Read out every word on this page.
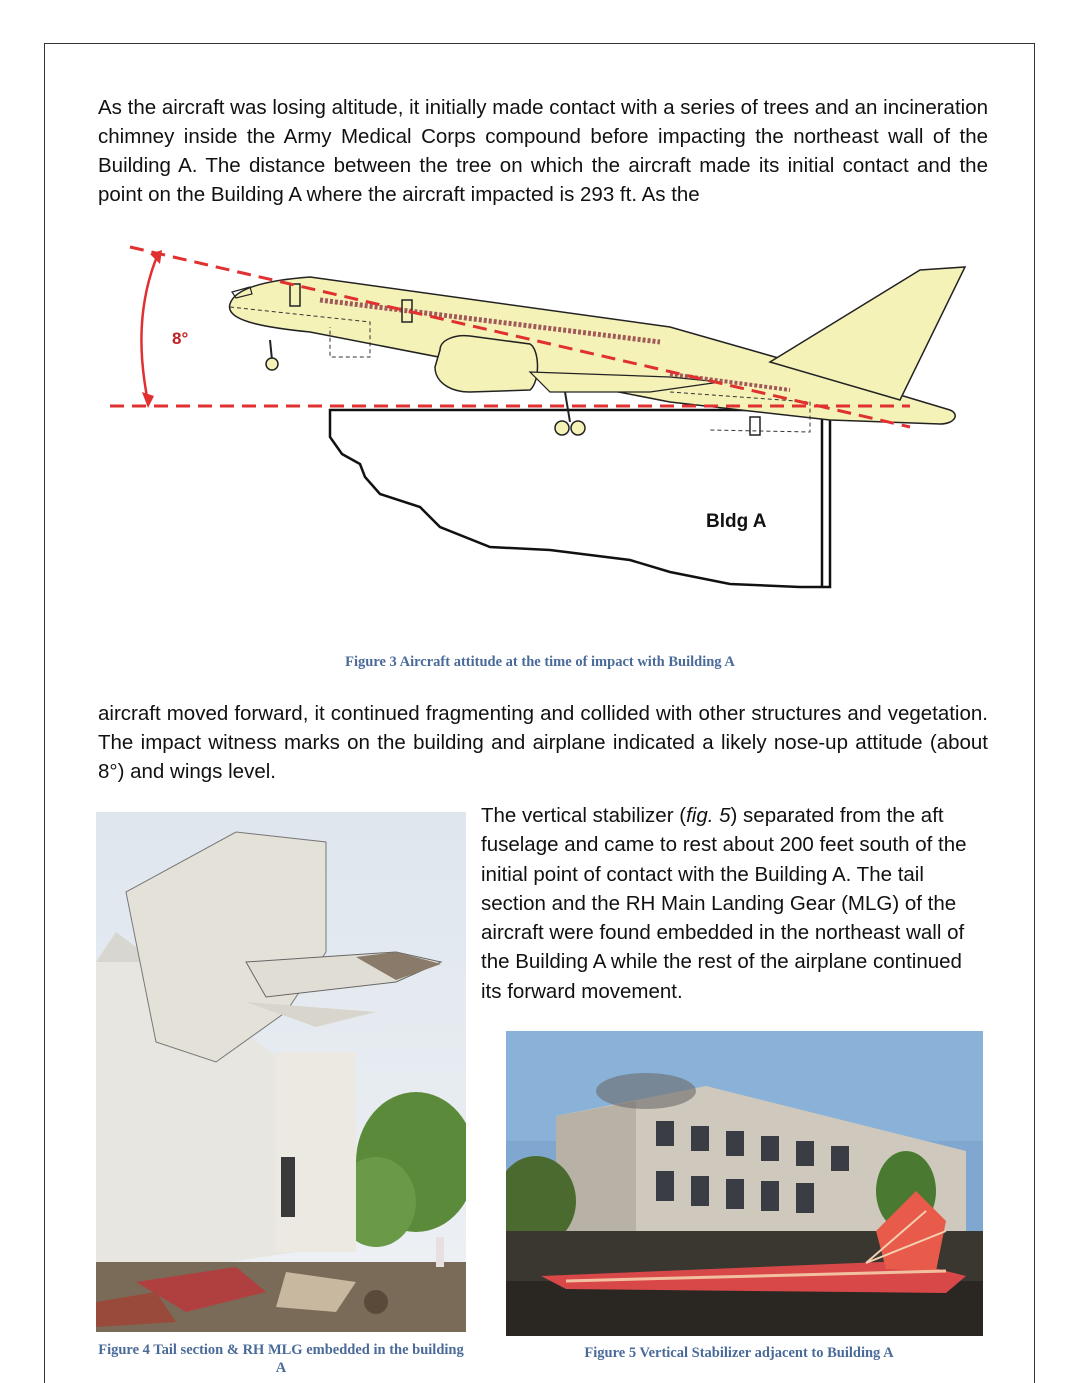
As the aircraft was losing altitude, it initially made contact with a series of trees and an incineration chimney inside the Army Medical Corps compound before impacting the northeast wall of the Building A. The distance between the tree on which the aircraft made its initial contact and the point on the Building A where the aircraft impacted is 293 ft. As the

8°
Bldg A
Figure 3 Aircraft attitude at the time of impact with Building A

aircraft moved forward, it continued fragmenting and collided with other structures and vegetation. The impact witness marks on the building and airplane indicated a likely nose-up attitude (about 8°) and wings level.

The vertical stabilizer (fig. 5) separated from the aft fuselage and came to rest about 200 feet south of the initial point of contact with the Building A. The tail section and the RH Main Landing Gear (MLG) of the aircraft were found embedded in the northeast wall of the Building A while the rest of the airplane continued its forward movement.

Figure 4 Tail section & RH MLG embedded in the building A
Figure 5 Vertical Stabilizer adjacent to Building A
